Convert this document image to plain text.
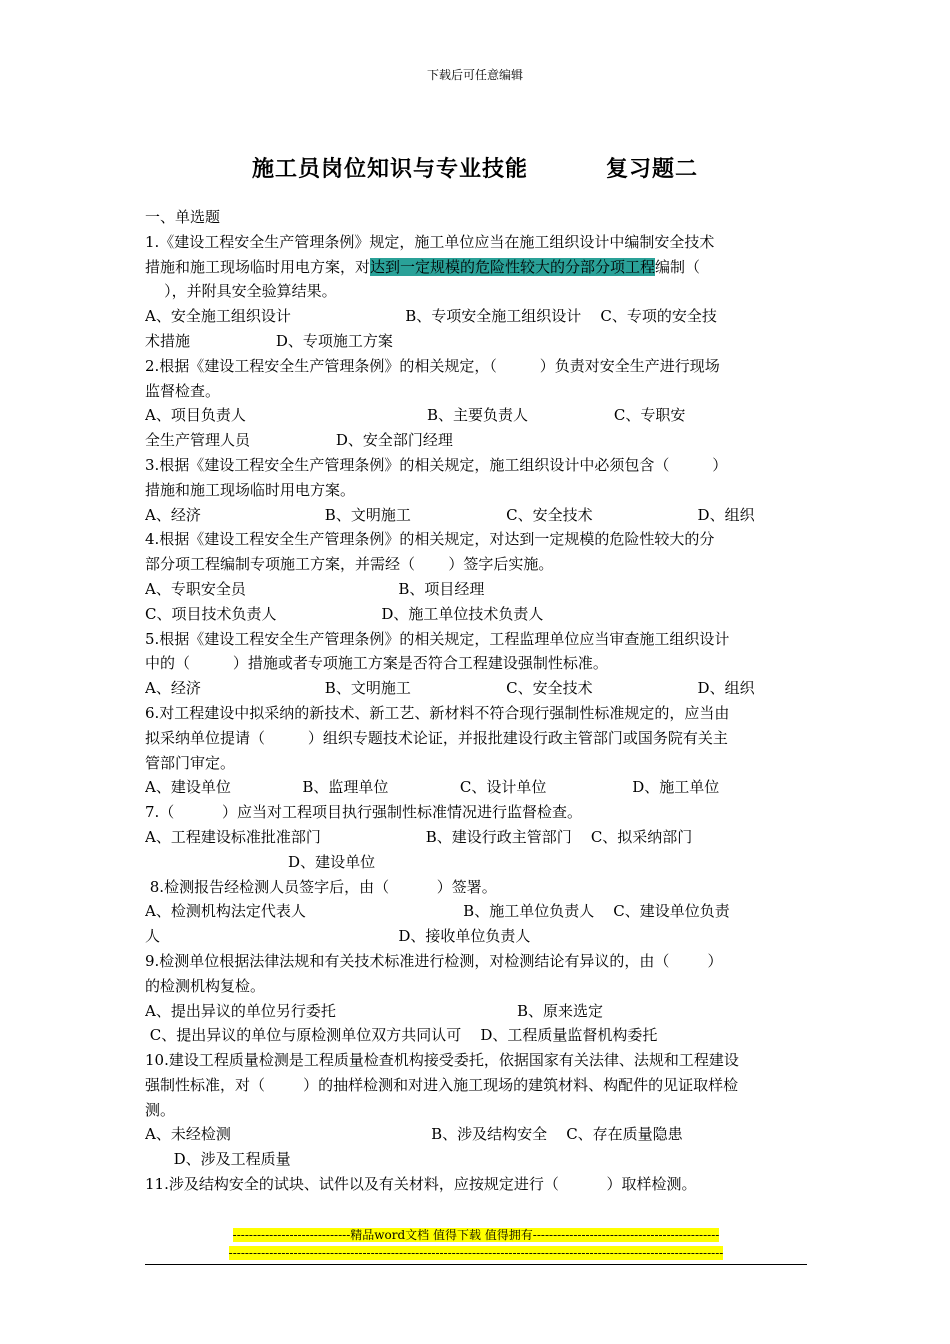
下载后可任意编辑
施工员岗位知识与专业技能	复习题二
一、单选题
1.《建设工程安全生产管理条例》规定，施工单位应当在施工组织设计中编制安全技术
措施和施工现场临时用电方案，对达到一定规模的危险性较大的分部分项工程编制（
），并附具安全验算结果。
A、安全施工组织设计                        B、专项安全施工组织设计    C、专项的安全技
术措施                  D、专项施工方案
2.根据《建设工程安全生产管理条例》的相关规定，（         ）负责对安全生产进行现场
监督检查。
A、项目负责人                                      B、主要负责人                  C、专职安
全生产管理人员                  D、安全部门经理
3.根据《建设工程安全生产管理条例》的相关规定，施工组织设计中必须包含（         ）
措施和施工现场临时用电方案。
A、经济                          B、文明施工                    C、安全技术                      D、组织
4.根据《建设工程安全生产管理条例》的相关规定，对达到一定规模的危险性较大的分
部分项工程编制专项施工方案，并需经（       ）签字后实施。
A、专职安全员                                B、项目经理
C、项目技术负责人                      D、施工单位技术负责人
5.根据《建设工程安全生产管理条例》的相关规定，工程监理单位应当审查施工组织设计
中的（         ）措施或者专项施工方案是否符合工程建设强制性标准。
A、经济                          B、文明施工                    C、安全技术                      D、组织
6.对工程建设中拟采纳的新技术、新工艺、新材料不符合现行强制性标准规定的，应当由
拟采纳单位提请（         ）组织专题技术论证，并报批建设行政主管部门或国务院有关主
管部门审定。
A、建设单位               B、监理单位               C、设计单位                  D、施工单位
7.（          ）应当对工程项目执行强制性标准情况进行监督检查。
A、工程建设标准批准部门                      B、建设行政主管部门    C、拟采纳部门
D、建设单位
8.检测报告经检测人员签字后，由（          ）签署。
A、检测机构法定代表人                                 B、施工单位负责人    C、建设单位负责
人                                                  D、接收单位负责人
9.检测单位根据法律法规和有关技术标准进行检测，对检测结论有异议的，由（        ）
的检测机构复检。
A、提出异议的单位另行委托                                      B、原来选定
C、提出异议的单位与原检测单位双方共同认可    D、工程质量监督机构委托
10.建设工程质量检测是工程质量检查机构接受委托，依据国家有关法律、法规和工程建设
强制性标准，对（        ）的抽样检测和对进入施工现场的建筑材料、构配件的见证取样检
测。
A、未经检测                                          B、涉及结构安全    C、存在质量隐患
D、涉及工程质量
11.涉及结构安全的试块、试件以及有关材料，应按规定进行（          ）取样检测。
-----------------------------精品word文档 值得下载 值得拥有----------------------------------------------
--------------------------------------------------------------------------------------------------------------------------
